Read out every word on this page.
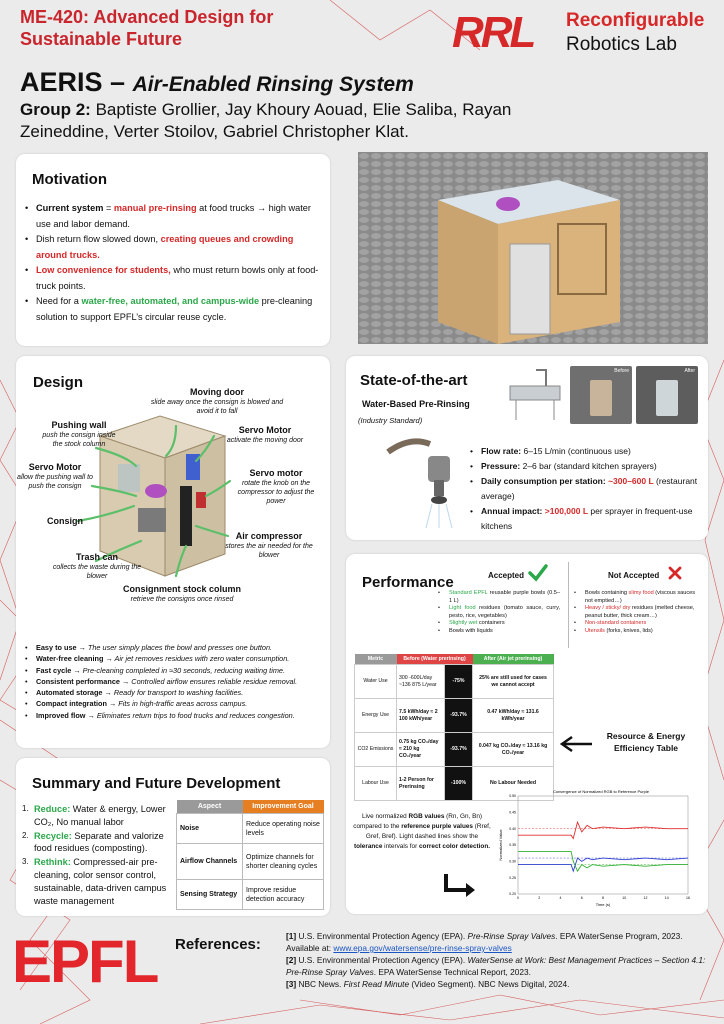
ME-420: Advanced Design for Sustainable Future	RRL Reconfigurable
Robotics Lab
AERIS – Air-Enabled Rinsing System
Group 2: Baptiste Grollier, Jay Khoury Aouad, Elie Saliba, Rayan Zeineddine, Verter Stoilov, Gabriel Christopher Klat.
Motivation
• Current system = manual pre-rinsing at food trucks → high water use and labor demand.
• Dish return flow slowed down, creating queues and crowding around trucks.
• Low convenience for students, who must return bowls only at food-truck points.
• Need for a water-free, automated, and campus-wide pre-cleaning solution to support EPFL’s circular reuse cycle.
Design
Moving door
slide away once the consign is blowed and avoid it to fall
Pushing wall
push the consign inside the stock column
Servo Motor
activate the moving door
Servo Motor
allow the pushing wall to push the consign
Servo motor
rotate the knob on the compressor to adjust the power
Consign
Air compressor
stores the air needed for the blower
Trash can
collects the waste during the blower
Consignment stock column
retrieve the consigns once rinsed
• Easy to use → The user simply places the bowl and presses one button.
• Water-free cleaning → Air jet removes residues with zero water consumption.
• Fast cycle → Pre-cleaning completed in ≈30 seconds, reducing waiting time.
• Consistent performance → Controlled airflow ensures reliable residue removal.
• Automated storage → Ready for transport to washing facilities.
• Compact integration → Fits in high-traffic areas across campus.
• Improved flow → Eliminates return trips to food trucks and reduces congestion.
State-of-the-art
Water-Based Pre-Rinsing
(Industry Standard)
Before	After
• Flow rate: 6–15 L/min (continuous use)
• Pressure: 2–6 bar (standard kitchen sprayers)
• Daily consumption per station: ~300–600 L (restaurant average)
• Annual impact: >100,000 L per sprayer in frequent-use kitchens
Performance	Accepted
• Standard EPFL reusable purple bowls (0.5–1 L)
• Light food residues (tomato sauce, curry, pesto, rice, vegetables)
• Slightly wet containers
• Bowls with liquids
Not Accepted
• Bowls containing slimy food (viscous sauces not emptied…)
• Heavy / sticky/ dry residues (melted cheese, peanut butter, thick cream…)
• Non-standard containers
• Utensils (forks, knives, lids)
Metric	Before (Water prerinsing)		After (Air jet prerinsing)
Water Use	300 -600L/day ~136 875 L/year	-75%	25% are still used for cases we cannot accept
Energy Use	7.5 kWh/day ≈ 2 100 kWh/year	-93.7%	0.47 kWh/day ≈ 131.6 kWh/year
CO2 Emissions	0.75 kg CO₂/day ≈ 210 kg CO₂/year	-93.7%	0.047 kg CO₂/day ≈ 13.16 kg CO₂/year
Labour Use	1-2 Person for Prerinsing	-100%	No Labour Needed
Resource & Energy Efficiency Table
Live normalized RGB values (Rn, Gn, Bn) compared to the reference purple values (Rref, Gref, Bref). Light dashed lines show the tolerance intervals for correct color detection.
Convergence of Normalized RGB to Reference Purple
Time (s)
Normalized Value
0	2	4	6	8	10	12	14	16
0.20
0.25
0.30
0.35
0.40
0.45
0.50
Summary and Future Development
1. Reduce: Water & energy, Lower CO₂, No manual labor
2. Recycle: Separate and valorize food residues (composting).
3. Rethink: Compressed-air pre-cleaning, color sensor control, sustainable, data-driven campus waste management
Aspect	Improvement Goal
Noise	Reduce operating noise levels
Airflow Channels	Optimize channels for shorter cleaning cycles
Sensing Strategy	Improve residue detection accuracy
EPFL References:	[1] U.S. Environmental Protection Agency (EPA). Pre-Rinse Spray Valves. EPA WaterSense Program, 2023. Available at: www.epa.gov/watersense/pre-rinse-spray-valves
[2] U.S. Environmental Protection Agency (EPA). WaterSense at Work: Best Management Practices – Section 4.1: Pre-Rinse Spray Valves. EPA WaterSense Technical Report, 2023.
[3] NBC News. First Read Minute (Video Segment). NBC News Digital, 2024.
